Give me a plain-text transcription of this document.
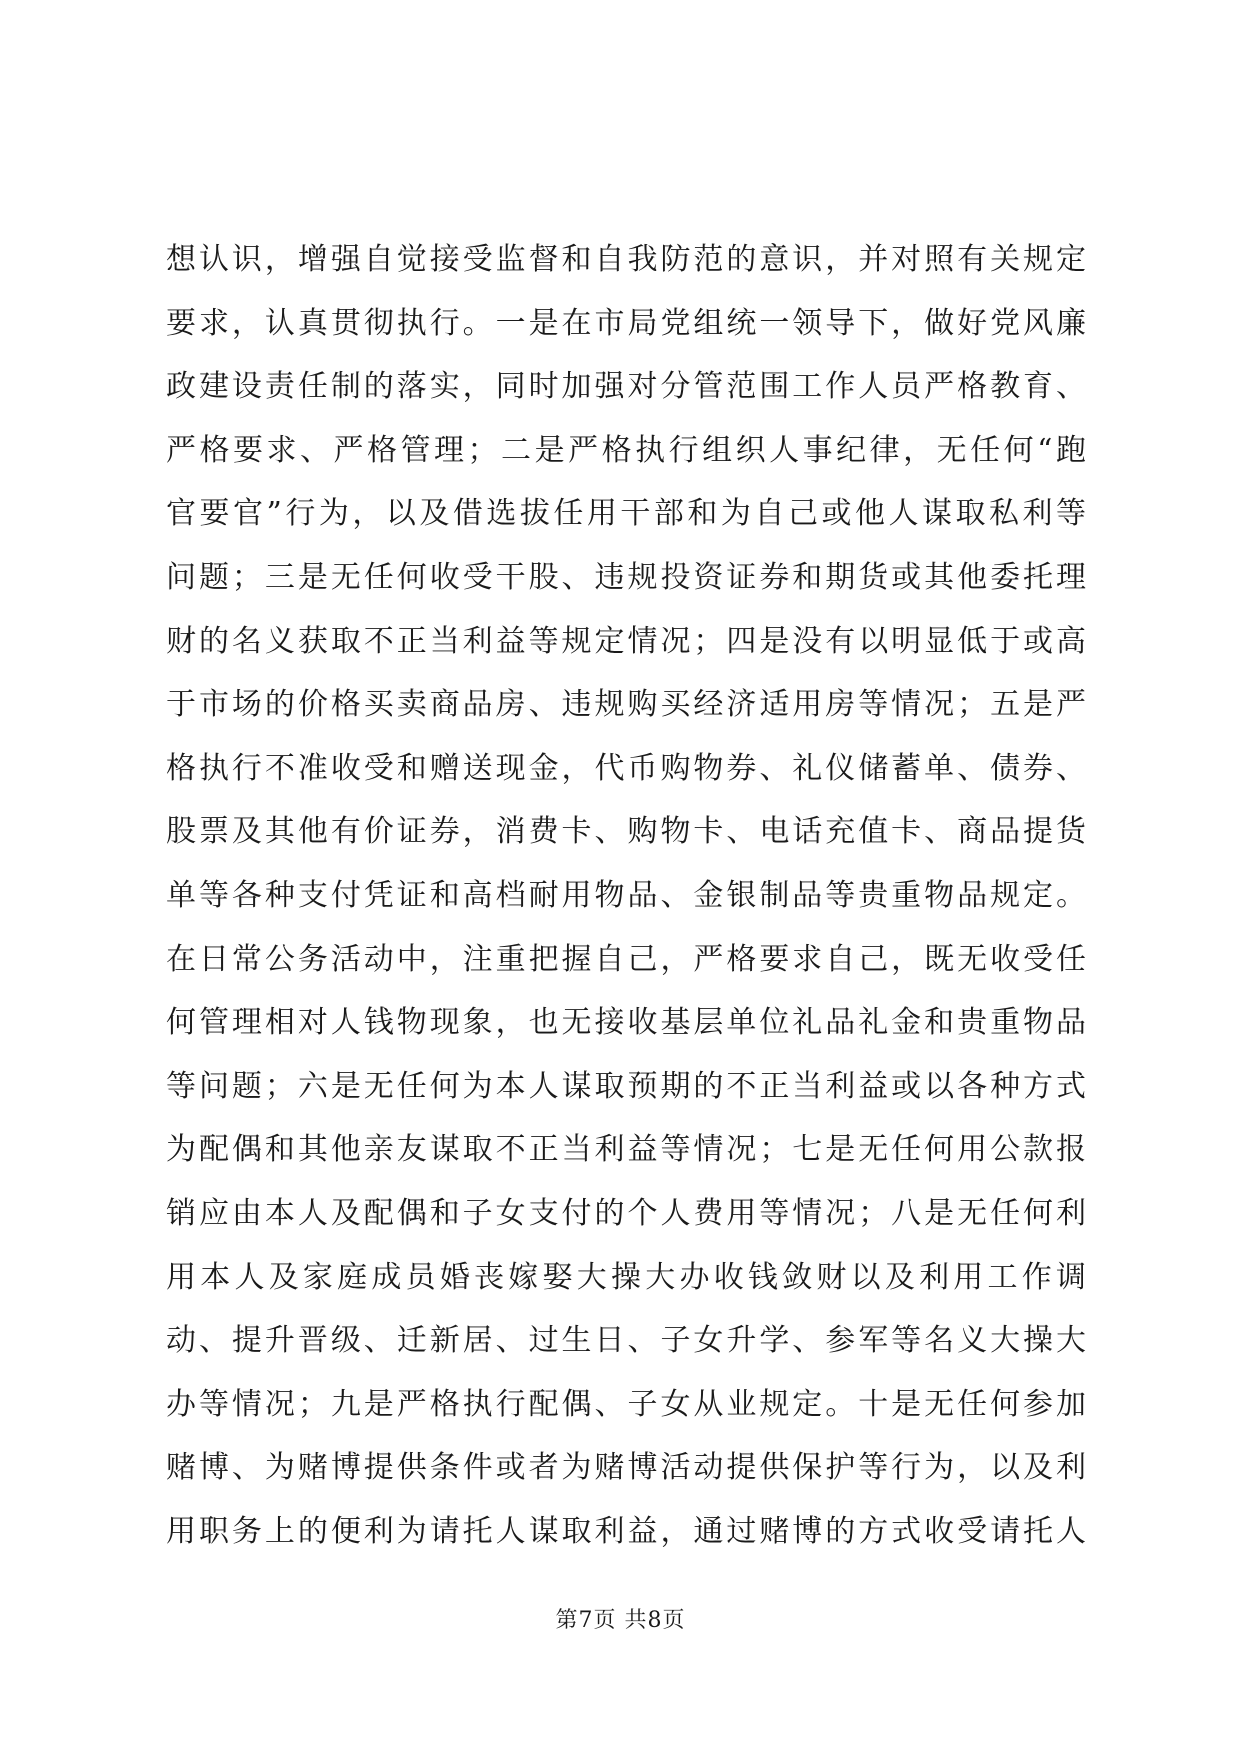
想认识，增强自觉接受监督和自我防范的意识，并对照有关规定
要求，认真贯彻执行。一是在市局党组统一领导下，做好党风廉
政建设责任制的落实，同时加强对分管范围工作人员严格教育、
严格要求、严格管理；二是严格执行组织人事纪律，无任何“跑
官要官”行为，以及借选拔任用干部和为自己或他人谋取私利等
问题；三是无任何收受干股、违规投资证券和期货或其他委托理
财的名义获取不正当利益等规定情况；四是没有以明显低于或高
于市场的价格买卖商品房、违规购买经济适用房等情况；五是严
格执行不准收受和赠送现金，代币购物券、礼仪储蓄单、债券、
股票及其他有价证券，消费卡、购物卡、电话充值卡、商品提货
单等各种支付凭证和高档耐用物品、金银制品等贵重物品规定。
在日常公务活动中，注重把握自己，严格要求自己，既无收受任
何管理相对人钱物现象，也无接收基层单位礼品礼金和贵重物品
等问题；六是无任何为本人谋取预期的不正当利益或以各种方式
为配偶和其他亲友谋取不正当利益等情况；七是无任何用公款报
销应由本人及配偶和子女支付的个人费用等情况；八是无任何利
用本人及家庭成员婚丧嫁娶大操大办收钱敛财以及利用工作调
动、提升晋级、迁新居、过生日、子女升学、参军等名义大操大
办等情况；九是严格执行配偶、子女从业规定。十是无任何参加
赌博、为赌博提供条件或者为赌博活动提供保护等行为，以及利
用职务上的便利为请托人谋取利益，通过赌博的方式收受请托人
第7页 共8页
